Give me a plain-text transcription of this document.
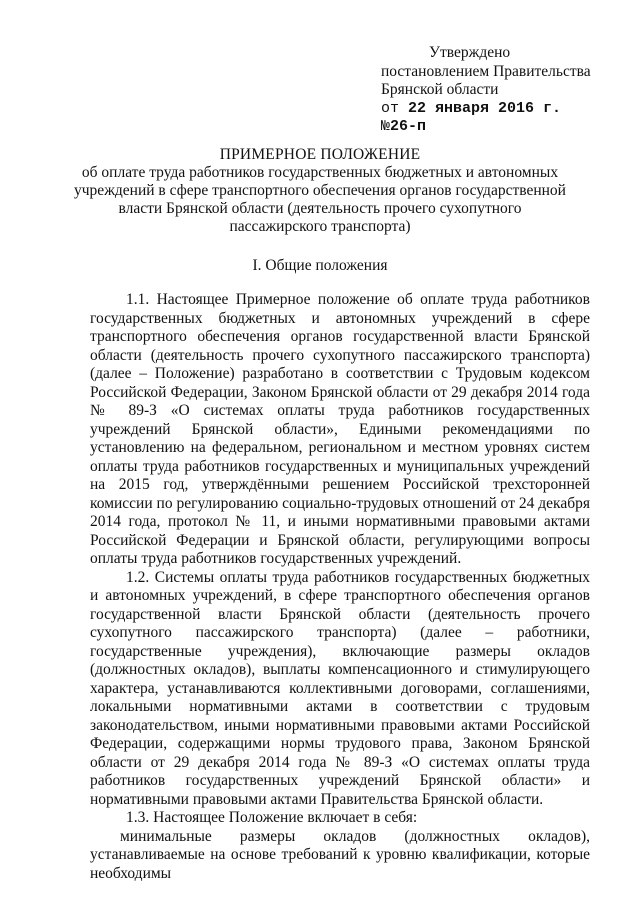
Утверждено
постановлением Правительства
Брянской области
от 22 января 2016 г.   №26-п
ПРИМЕРНОЕ ПОЛОЖЕНИЕ
об оплате труда работников государственных бюджетных и автономных
учреждений в сфере транспортного обеспечения органов государственной
власти Брянской области (деятельность прочего сухопутного
пассажирского транспорта)
I. Общие положения

1.1. Настоящее Примерное положение об оплате труда работников государственных бюджетных и автономных учреждений в сфере транспортного обеспечения органов государственной власти Брянской области (деятельность прочего сухопутного пассажирского транспорта) (далее – Положение) разработано в соответствии с Трудовым кодексом Российской Федерации, Законом Брянской области от 29 декабря 2014 года № 89-З «О системах оплаты труда работников государственных учреждений Брянской области», Едиными рекомендациями по установлению на федеральном, региональном и местном уровнях систем оплаты труда работников государственных и муниципальных учреждений на 2015 год, утверждёнными решением Российской трехсторонней комиссии по регулированию социально-трудовых отношений от 24 декабря 2014 года, протокол № 11, и иными нормативными правовыми актами Российской Федерации и Брянской области, регулирующими вопросы оплаты труда работников государственных учреждений.

1.2. Системы оплаты труда работников государственных бюджетных и автономных учреждений, в сфере транспортного обеспечения органов государственной власти Брянской области (деятельность прочего сухопутного пассажирского транспорта) (далее – работники, государственные учреждения), включающие размеры окладов (должностных окладов), выплаты компенсационного и стимулирующего характера, устанавливаются коллективными договорами, соглашениями, локальными нормативными актами в соответствии с трудовым законодательством, иными нормативными правовыми актами Российской Федерации, содержащими нормы трудового права, Законом Брянской области от 29 декабря 2014 года № 89-З «О системах оплаты труда работников государственных учреждений Брянской области» и нормативными правовыми актами Правительства Брянской области.

1.3. Настоящее Положение включает в себя:

минимальные размеры окладов (должностных окладов), устанавливаемые на основе требований к уровню квалификации, которые необходимы
